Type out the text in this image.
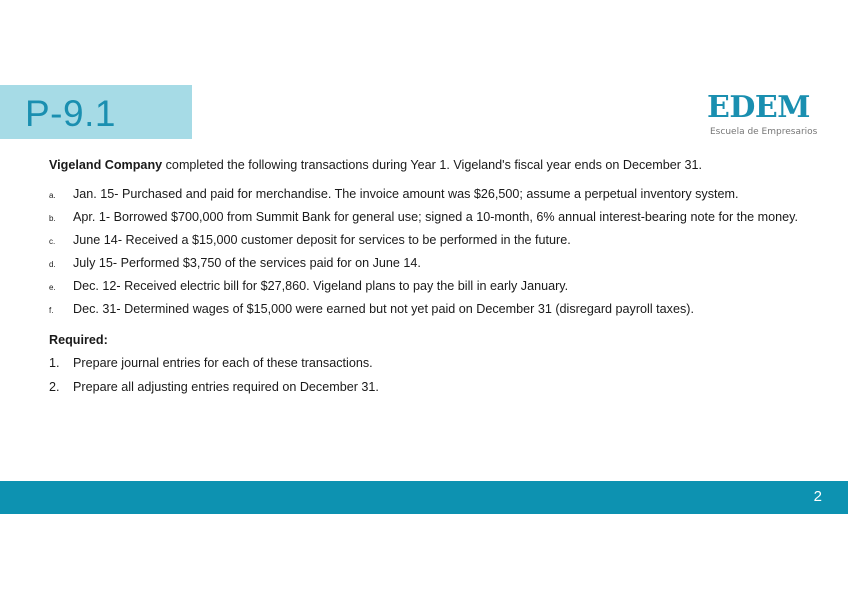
P-9.1	EDEM
Escuela de Empresarios

Vigeland Company completed the following transactions during Year 1. Vigeland's fiscal year ends on December 31.

a. Jan. 15- Purchased and paid for merchandise. The invoice amount was $26,500; assume a perpetual inventory system.
b. Apr. 1- Borrowed $700,000 from Summit Bank for general use; signed a 10-month, 6% annual interest-bearing note for the money.
c. June 14- Received a $15,000 customer deposit for services to be performed in the future.
d. July 15- Performed $3,750 of the services paid for on June 14.
e. Dec. 12- Received electric bill for $27,860. Vigeland plans to pay the bill in early January.
f. Dec. 31- Determined wages of $15,000 were earned but not yet paid on December 31 (disregard payroll taxes).
Required:
1. Prepare journal entries for each of these transactions.
2. Prepare all adjusting entries required on December 31.
2
